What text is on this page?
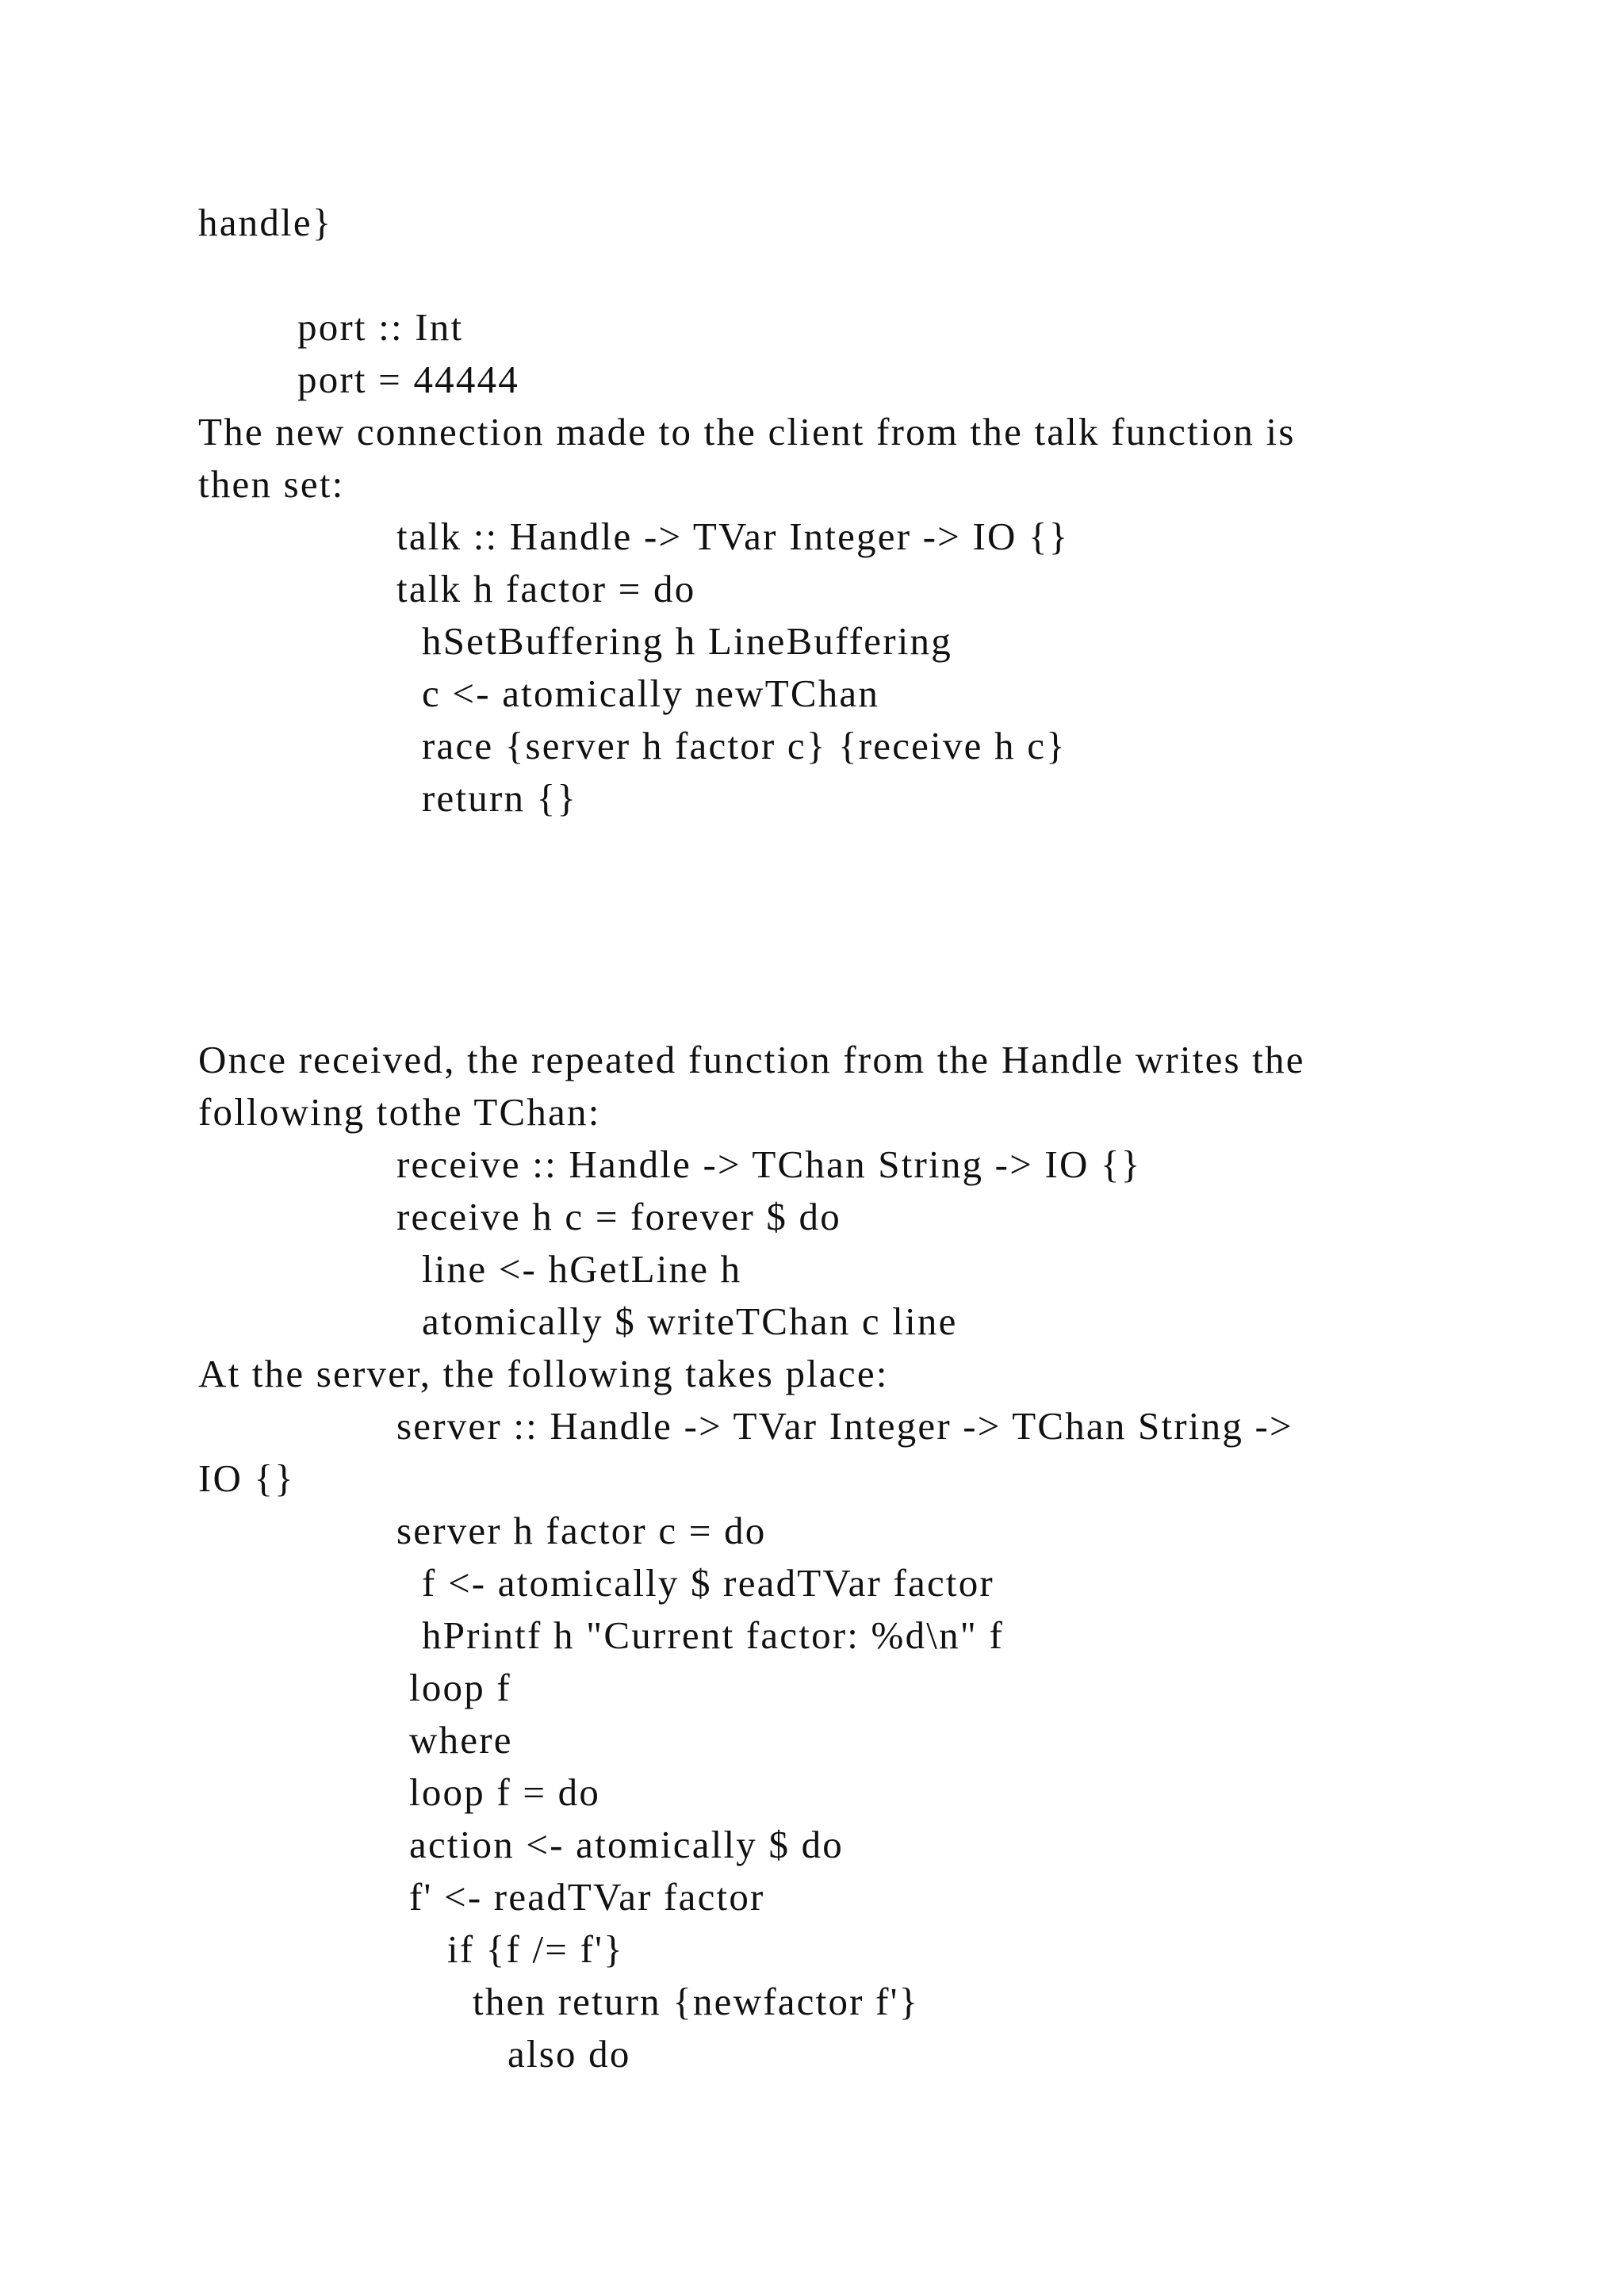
handle}
port :: Int
port = 44444
The new connection made to the client from the talk function is
then set:
talk :: Handle -> TVar Integer -> IO {}
talk h factor = do
hSetBuffering h LineBuffering
c <- atomically newTChan
race {server h factor c} {receive h c}
return {}
Once received, the repeated function from the Handle writes the
following tothe TChan:
receive :: Handle -> TChan String -> IO {}
receive h c = forever $ do
line <- hGetLine h
atomically $ writeTChan c line
At the server, the following takes place:
server :: Handle -> TVar Integer -> TChan String ->
IO {}
server h factor c = do
f <- atomically $ readTVar factor
hPrintf h "Current factor: %d\n" f
loop f
where
loop f = do
action <- atomically $ do
f' <- readTVar factor
if {f /= f'}
then return {newfactor f'}
also do
